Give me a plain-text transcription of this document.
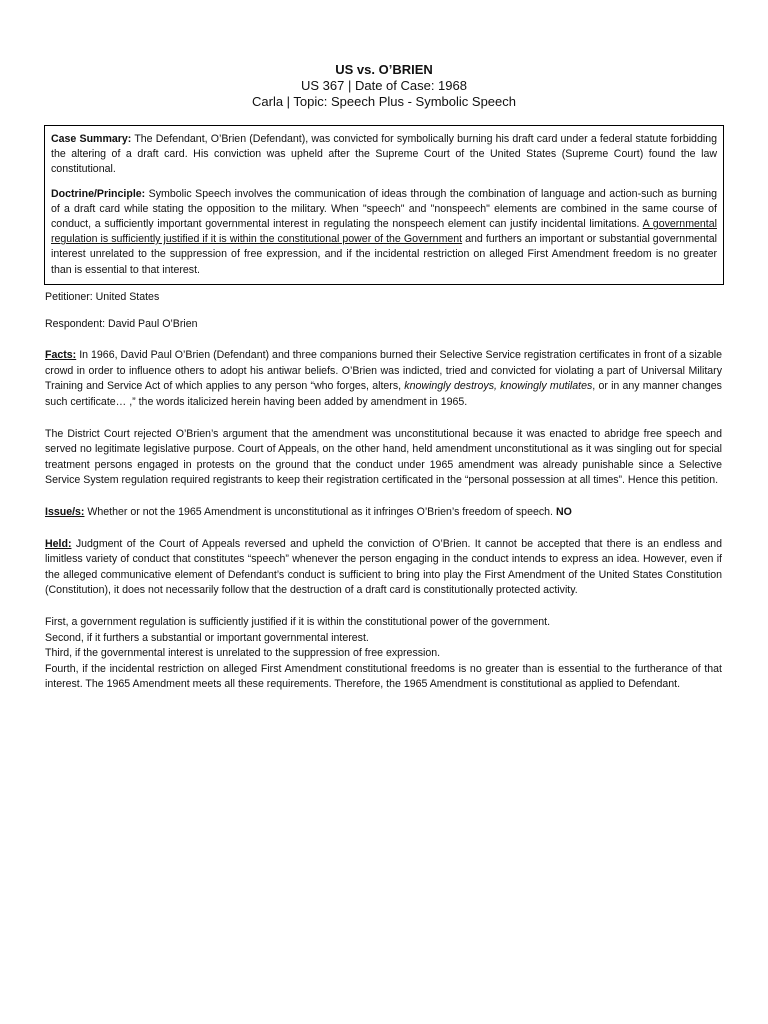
US vs. O’BRIEN
US 367 | Date of Case: 1968
Carla | Topic: Speech Plus - Symbolic Speech

Case Summary: The Defendant, O’Brien (Defendant), was convicted for symbolically burning his draft card under a federal statute forbidding the altering of a draft card. His conviction was upheld after the Supreme Court of the United States (Supreme Court) found the law constitutional.

Doctrine/Principle: Symbolic Speech involves the communication of ideas through the combination of language and action-such as burning of a draft card while stating the opposition to the military. When "speech" and "nonspeech" elements are combined in the same course of conduct, a sufficiently important governmental interest in regulating the nonspeech element can justify incidental limitations. A governmental regulation is sufficiently justified if it is within the constitutional power of the Government and furthers an important or substantial governmental interest unrelated to the suppression of free expression, and if the incidental restriction on alleged First Amendment freedom is no greater than is essential to that interest.

Petitioner: United States

Respondent: David Paul O’Brien

Facts: In 1966, David Paul O’Brien (Defendant) and three companions burned their Selective Service registration certificates in front of a sizable crowd in order to influence others to adopt his antiwar beliefs. O’Brien was indicted, tried and convicted for violating a part of Universal Military Training and Service Act of which applies to any person “who forges, alters, knowingly destroys, knowingly mutilates, or in any manner changes such certificate… ,” the words italicized herein having been added by amendment in 1965.

The District Court rejected O’Brien’s argument that the amendment was unconstitutional because it was enacted to abridge free speech and served no legitimate legislative purpose. Court of Appeals, on the other hand, held amendment unconstitutional as it was singling out for special treatment persons engaged in protests on the ground that the conduct under 1965 amendment was already punishable since a Selective Service System regulation required registrants to keep their registration certificated in the “personal possession at all times”. Hence this petition.

Issue/s: Whether or not the 1965 Amendment is unconstitutional as it infringes O’Brien’s freedom of speech. NO

Held: Judgment of the Court of Appeals reversed and upheld the conviction of O’Brien. It cannot be accepted that there is an endless and limitless variety of conduct that constitutes “speech” whenever the person engaging in the conduct intends to express an idea. However, even if the alleged communicative element of Defendant’s conduct is sufficient to bring into play the First Amendment of the United States Constitution (Constitution), it does not necessarily follow that the destruction of a draft card is constitutionally protected activity.

First, a government regulation is sufficiently justified if it is within the constitutional power of the government.

Second, if it furthers a substantial or important governmental interest.

Third, if the governmental interest is unrelated to the suppression of free expression.

Fourth, if the incidental restriction on alleged First Amendment constitutional freedoms is no greater than is essential to the furtherance of that interest. The 1965 Amendment meets all these requirements. Therefore, the 1965 Amendment is constitutional as applied to Defendant.
